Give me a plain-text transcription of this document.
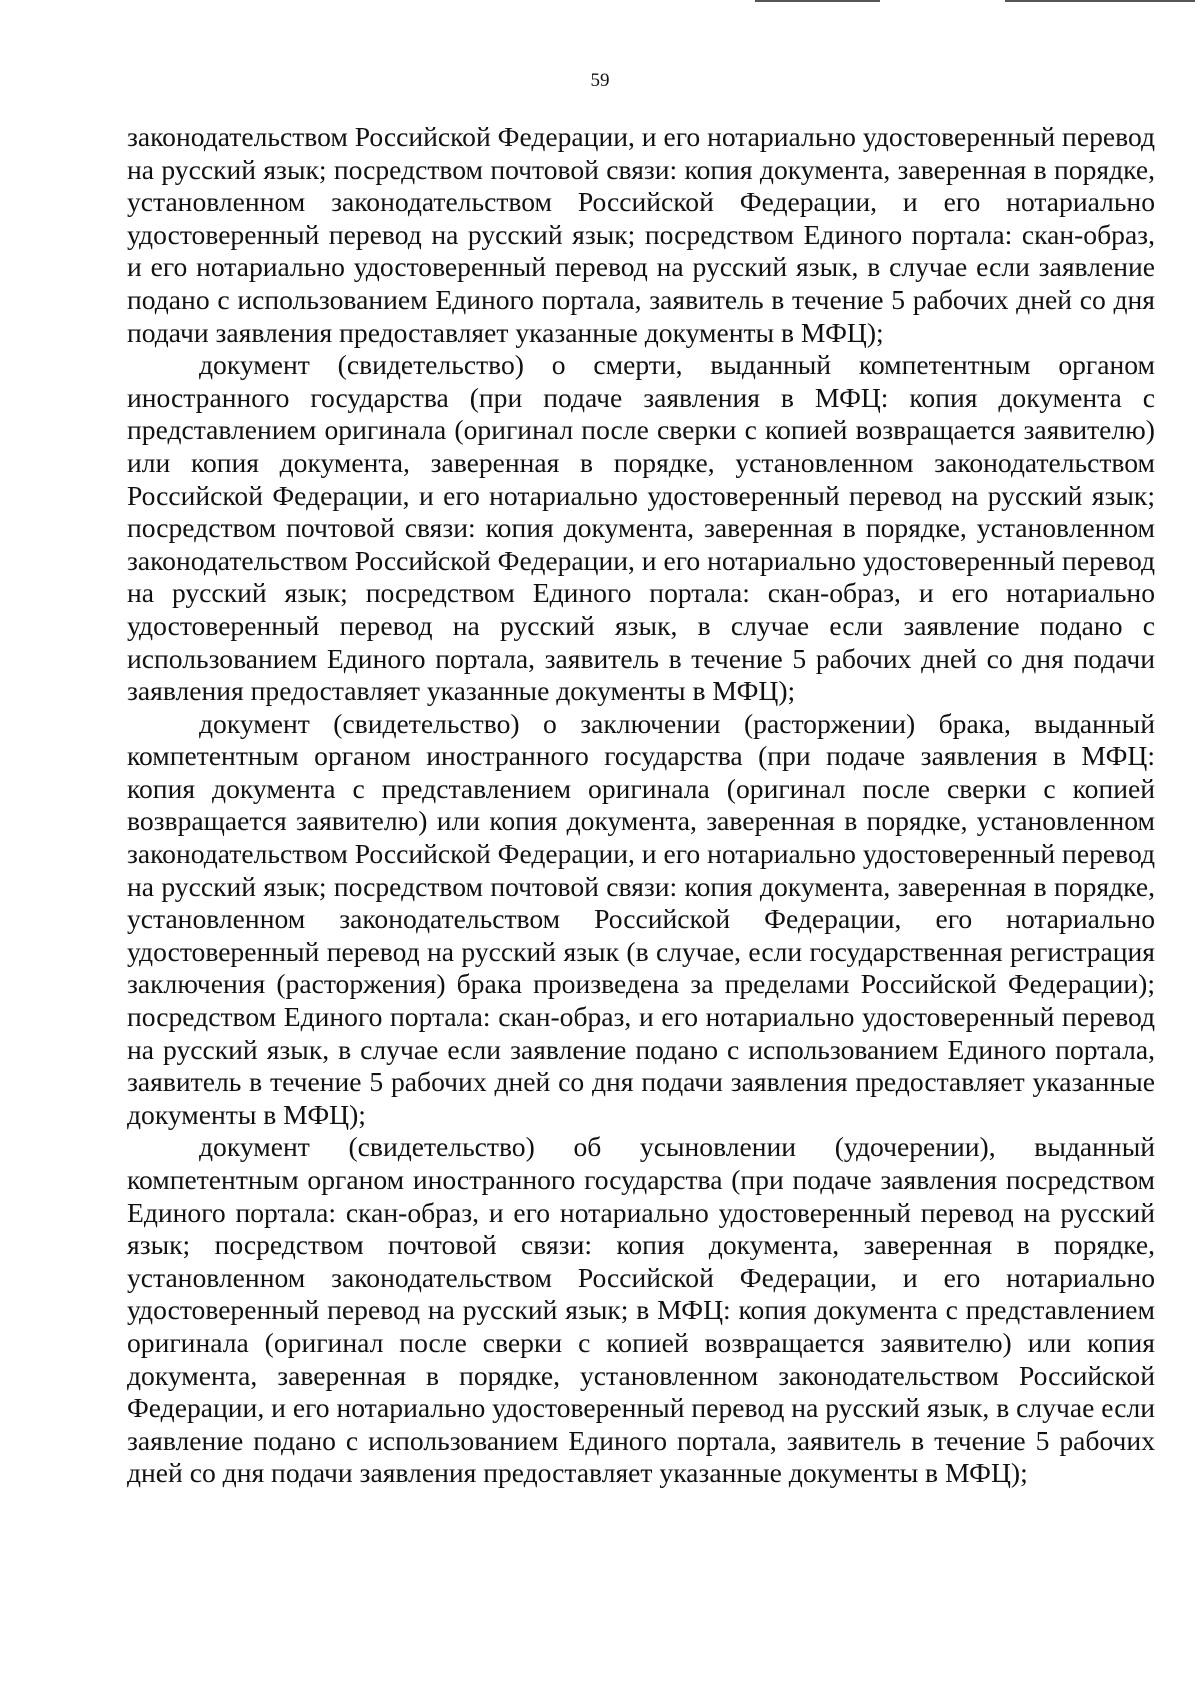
59

законодательством Российской Федерации, и его нотариально удостоверенный перевод на русский язык; посредством почтовой связи: копия документа, заверенная в порядке, установленном законодательством Российской Федерации, и его нотариально удостоверенный перевод на русский язык; посредством Единого портала: скан-образ, и его нотариально удостоверенный перевод на русский язык, в случае если заявление подано с использованием Единого портала, заявитель в течение 5 рабочих дней со дня подачи заявления предоставляет указанные документы в МФЦ);

документ (свидетельство) о смерти, выданный компетентным органом иностранного государства (при подаче заявления в МФЦ: копия документа с представлением оригинала (оригинал после сверки с копией возвращается заявителю) или копия документа, заверенная в порядке, установленном законодательством Российской Федерации, и его нотариально удостоверенный перевод на русский язык; посредством почтовой связи: копия документа, заверенная в порядке, установленном законодательством Российской Федерации, и его нотариально удостоверенный перевод на русский язык; посредством Единого портала: скан-образ, и его нотариально удостоверенный перевод на русский язык, в случае если заявление подано с использованием Единого портала, заявитель в течение 5 рабочих дней со дня подачи заявления предоставляет указанные документы в МФЦ);

документ (свидетельство) о заключении (расторжении) брака, выданный компетентным органом иностранного государства (при подаче заявления в МФЦ: копия документа с представлением оригинала (оригинал после сверки с копией возвращается заявителю) или копия документа, заверенная в порядке, установленном законодательством Российской Федерации, и его нотариально удостоверенный перевод на русский язык; посредством почтовой связи: копия документа, заверенная в порядке, установленном законодательством Российской Федерации, его нотариально удостоверенный перевод на русский язык (в случае, если государственная регистрация заключения (расторжения) брака произведена за пределами Российской Федерации); посредством Единого портала: скан-образ, и его нотариально удостоверенный перевод на русский язык, в случае если заявление подано с использованием Единого портала, заявитель в течение 5 рабочих дней со дня подачи заявления предоставляет указанные документы в МФЦ);

документ (свидетельство) об усыновлении (удочерении), выданный компетентным органом иностранного государства (при подаче заявления посредством Единого портала: скан-образ, и его нотариально удостоверенный перевод на русский язык; посредством почтовой связи: копия документа, заверенная в порядке, установленном законодательством Российской Федерации, и его нотариально удостоверенный перевод на русский язык; в МФЦ: копия документа с представлением оригинала (оригинал после сверки с копией возвращается заявителю) или копия документа, заверенная в порядке, установленном законодательством Российской Федерации, и его нотариально удостоверенный перевод на русский язык, в случае если заявление подано с использованием Единого портала, заявитель в течение 5 рабочих дней со дня подачи заявления предоставляет указанные документы в МФЦ);
